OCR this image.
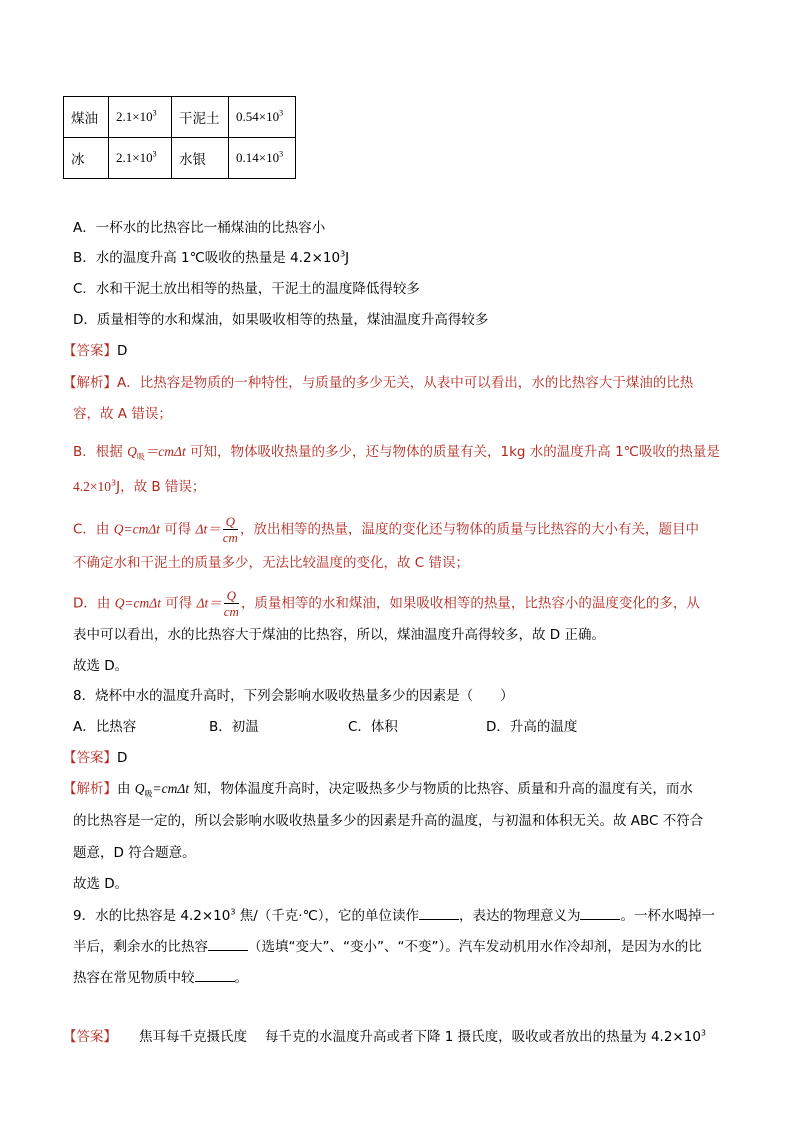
煤油	$2.1\times 10^3$	干泥土	$0.54\times 10^3$
冰	$2.1\times 10^3$	水银	$0.14\times 10^3$
A．一杯水的比热容比一桶煤油的比热容小
B．水的温度升高 1℃吸收的热量是 $4.2\times 10^3J$
C．水和干泥土放出相等的热量，干泥土的温度降低得较多
D．质量相等的水和煤油，如果吸收相等的热量，煤油温度升高得较多
【答案】D
【解析】A．比热容是物质的一种特性，与质量的多少无关，从表中可以看出，水的比热容大于煤油的比热
容，故 A 错误；
B．根据 $Q_吸=cm\Delta t$ 可知，物体吸收热量的多少，还与物体的质量有关，1kg 水的温度升高 1℃吸收的热量是
$4.2\times 10^3J$，故 B 错误；
C．由 Q=cmΔt 可得 $\Delta t= \frac{Q}{cm}$ ，放出相等的热量，温度的变化还与物体的质量与比热容的大小有关，题目中
不确定水和干泥土的质量多少，无法比较温度的变化，故 C 错误；
D．由 Q=cmΔt 可得 $\Delta t= \frac{Q}{cm}$ ，质量相等的水和煤油，如果吸收相等的热量，比热容小的温度变化的多，从
表中可以看出，水的比热容大于煤油的比热容，所以，煤油温度升高得较多，故 D 正确。
故选 D。
8．烧杯中水的温度升高时，下列会影响水吸收热量多少的因素是（　　）
A．比热容	B．初温	C．体积	D．升高的温度
【答案】D
【解析】由 $Q_吸=cm\Delta t$ 知，物体温度升高时，决定吸热多少与物质的比热容、质量和升高的温度有关，而水
的比热容是一定的，所以会影响水吸收热量多少的因素是升高的温度，与初温和体积无关。故 ABC 不符合
题意，D 符合题意。
故选 D。
9．水的比热容是 $4.2\times 10^3$ 焦/（千克·℃），它的单位读作	，表达的物理意义为	。一杯水喝掉一
半后，剩余水的比热容	（选填“变大”、“变小”、“不变”）。汽车发动机用水作冷却剂，是因为水的比
热容在常见物质中较	。
【答案】 焦耳每千克摄氏度 每千克的水温度升高或者下降 1 摄氏度，吸收或者放出的热量为 $4.2\times 10^3$
